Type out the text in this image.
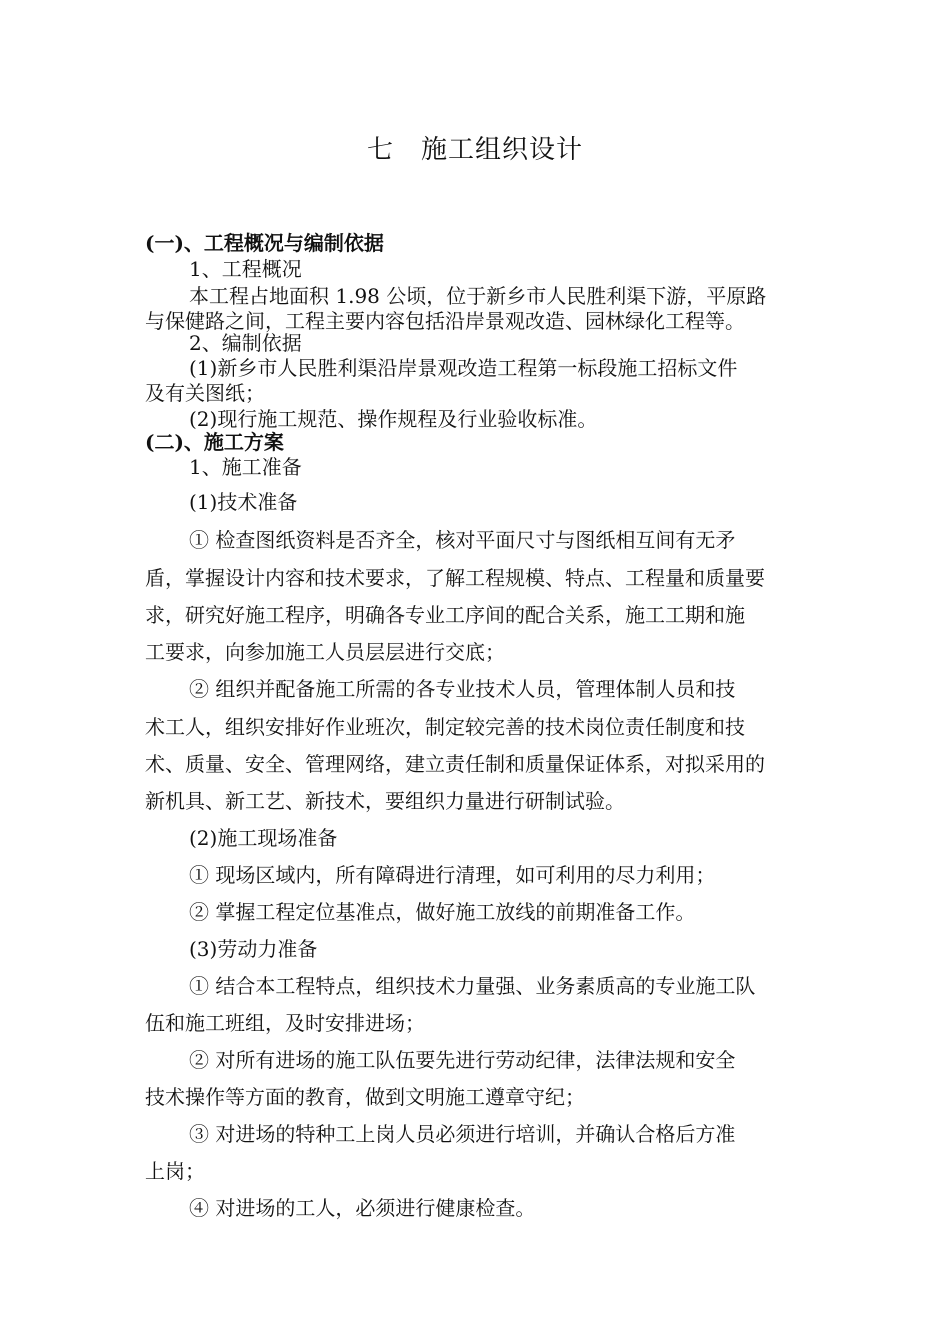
七　施工组织设计
(一)、工程概况与编制依据
1、工程概况
本工程占地面积 1.98 公顷，位于新乡市人民胜利渠下游，平原路
与保健路之间，工程主要内容包括沿岸景观改造、园林绿化工程等。
2、编制依据
(1)新乡市人民胜利渠沿岸景观改造工程第一标段施工招标文件
及有关图纸；
(2)现行施工规范、操作规程及行业验收标准。
(二)、施工方案
1、施工准备
(1)技术准备
① 检查图纸资料是否齐全，核对平面尺寸与图纸相互间有无矛
盾，掌握设计内容和技术要求，了解工程规模、特点、工程量和质量要
求，研究好施工程序，明确各专业工序间的配合关系，施工工期和施
工要求，向参加施工人员层层进行交底；
② 组织并配备施工所需的各专业技术人员，管理体制人员和技
术工人，组织安排好作业班次，制定较完善的技术岗位责任制度和技
术、质量、安全、管理网络，建立责任制和质量保证体系，对拟采用的
新机具、新工艺、新技术，要组织力量进行研制试验。
(2)施工现场准备
① 现场区域内，所有障碍进行清理，如可利用的尽力利用；
② 掌握工程定位基准点，做好施工放线的前期准备工作。
(3)劳动力准备
① 结合本工程特点，组织技术力量强、业务素质高的专业施工队
伍和施工班组，及时安排进场；
② 对所有进场的施工队伍要先进行劳动纪律，法律法规和安全
技术操作等方面的教育，做到文明施工遵章守纪；
③ 对进场的特种工上岗人员必须进行培训，并确认合格后方准
上岗；
④ 对进场的工人，必须进行健康检查。
